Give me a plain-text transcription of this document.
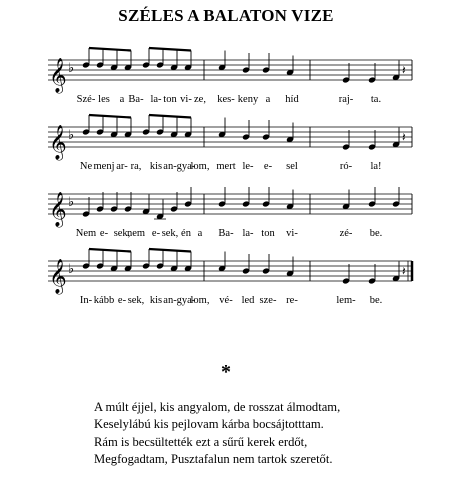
SZÉLES A BALATON VIZE
𝄞 ♭	𝄽
Szé- les a Ba- la- ton vi- ze, kes- keny a híd	raj- ta.
𝄞 ♭	𝄽
Ne menj ar- ra, kis an- gya-
lom, mert le- e- sel	ró- la!
𝄞 ♭
Nem e- sek,
nem e- sek, én a Ba- la- ton vi-	zé- be.
𝄞 ♭	𝄽
In- kább e- sek, kis an- gya-
lom, vé- led sze- re-	lem- be.
*
A múlt éjjel, kis angyalom, de rosszat álmodtam,
Keselylábú kis pejlovam kárba bocsájtotttam.
Rám is becsültették ezt a sűrű kerek erdőt,
Megfogadtam, Pusztafalun nem tartok szeretőt.
